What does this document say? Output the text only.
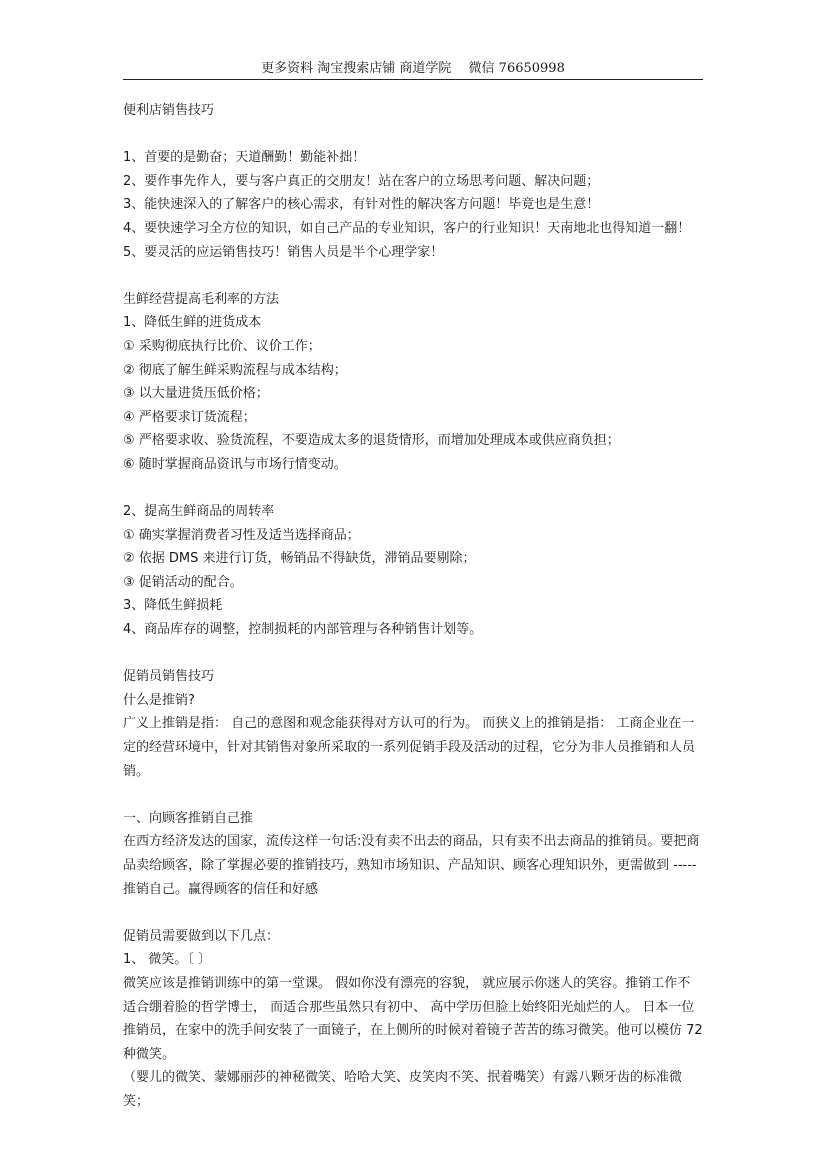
更多资料 淘宝搜索店铺 商道学院　 微信 76650998

便利店销售技巧

1、首要的是勤奋；天道酬勤！勤能补拙！

2、要作事先作人，要与客户真正的交朋友！站在客户的立场思考问题、解决问题；

3、能快速深入的了解客户的核心需求，有针对性的解决客方问题！毕竟也是生意！

4、要快速学习全方位的知识，如自己产品的专业知识，客户的行业知识！天南地北也得知道一翻！

5、要灵活的应运销售技巧！销售人员是半个心理学家！

生鲜经营提高毛利率的方法

1、降低生鲜的进货成本

① 采购彻底执行比价、议价工作；

② 彻底了解生鲜采购流程与成本结构；

③ 以大量进货压低价格；

④ 严格要求订货流程；

⑤ 严格要求收、验货流程，不要造成太多的退货情形，而增加处理成本或供应商负担；

⑥ 随时掌握商品资讯与市场行情变动。

2、提高生鲜商品的周转率

① 确实掌握消费者习性及适当选择商品；

② 依据 DMS 来进行订货，畅销品不得缺货，滞销品要剔除；

③ 促销活动的配合。

3、降低生鲜损耗

4、商品库存的调整，控制损耗的内部管理与各种销售计划等。

促销员销售技巧

什么是推销?

广义上推销是指： 自己的意图和观念能获得对方认可的行为。 而狭义上的推销是指： 工商企业在一定的经营环境中，针对其销售对象所采取的一系列促销手段及活动的过程，它分为非人员推销和人员销。

一、向顾客推销自己推

在西方经济发达的国家，流传这样一句话:没有卖不出去的商品，只有卖不出去商品的推销员。要把商品卖给顾客，除了掌握必要的推销技巧，熟知市场知识、产品知识、顾客心理知识外，更需做到 ----- 推销自己。赢得顾客的信任和好感

促销员需要做到以下几点：

1、 微笑。〔 〕

微笑应该是推销训练中的第一堂课。 假如你没有漂亮的容貌， 就应展示你迷人的笑容。推销工作不适合绷着脸的哲学博士， 而适合那些虽然只有初中、 高中学历但脸上始终阳光灿烂的人。 日本一位推销员，在家中的洗手间安装了一面镜子，在上侧所的时候对着镜子苦苦的练习微笑。他可以模仿 72 种微笑。

（婴儿的微笑、蒙娜丽莎的神秘微笑、哈哈大笑、皮笑肉不笑、抿着嘴笑）有露八颗牙齿的标准微笑；
